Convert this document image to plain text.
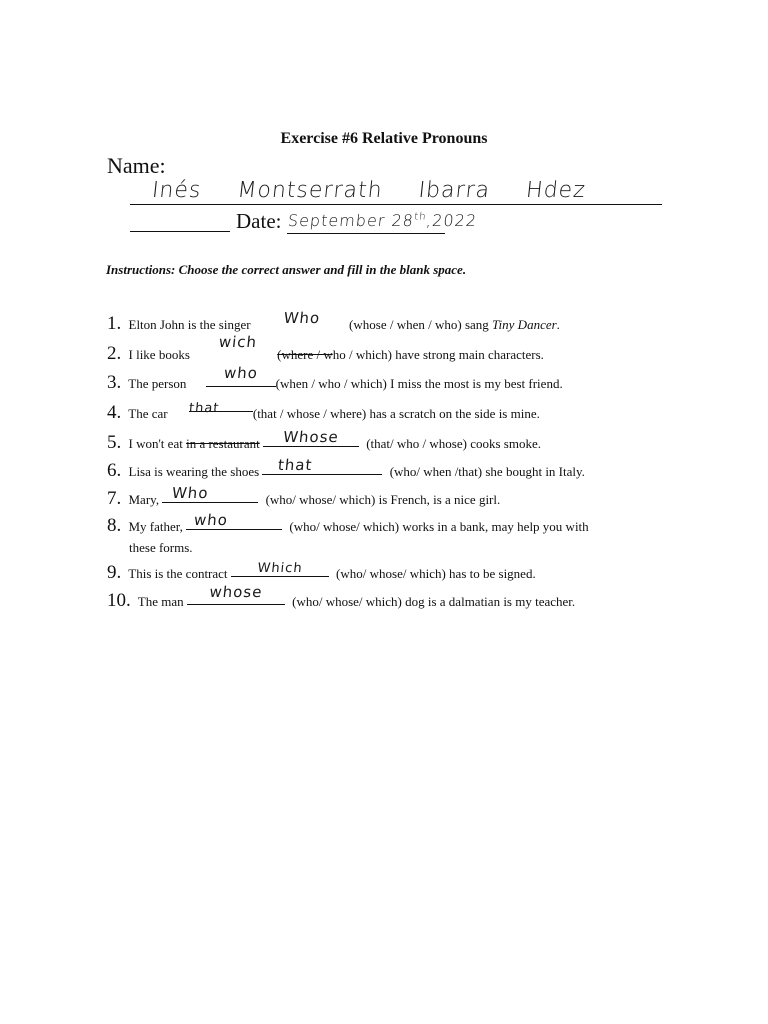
Exercise #6 Relative Pronouns
Name:
Inés Montserrath Ibarra Hdez
Date: September 28th,2022
Instructions: Choose the correct answer and fill in the blank space.
1. Elton John is the singer	Who	(whose / when / who) sang Tiny Dancer.
2. I like books
wich
(where / who / which) have strong main characters.
3. The person
who
(when / who / which) I miss the most is my best friend.
4. The car that	(that / whose / where) has a scratch on the side is mine.
5. I won't eat in a restaurant	Whose	(that/ who / whose) cooks smoke.
6. Lisa is wearing the shoes	that	(who/ when /that) she bought in Italy.
7. Mary, Who	(who/ whose/ which) is French, is a nice girl.
8. My father, who	(who/ whose/ which) works in a bank, may help you with
these forms.
9. This is the contract	Which	(who/ whose/ which) has to be signed.
10. The man
whose
(who/ whose/ which) dog is a dalmatian is my teacher.
